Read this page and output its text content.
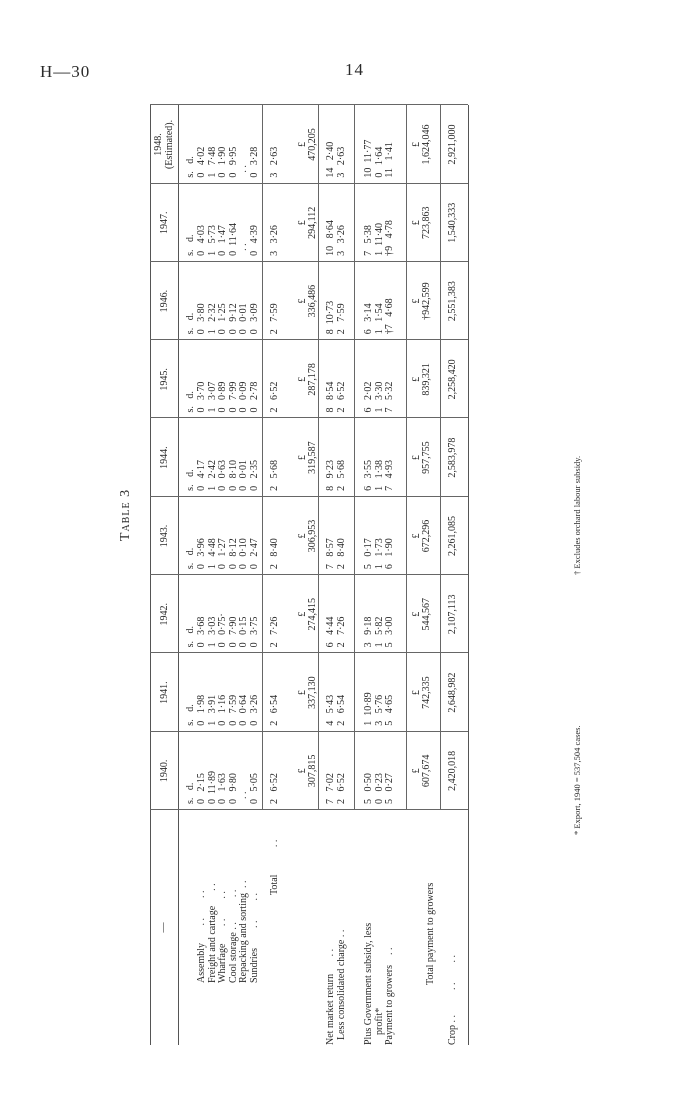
H—30	14
—
1940.
1941.
1942.
1943.
1944.
1945.
1946.
1947.
1948.
(Estimated).
Assembly       . .        . .
Freight and cartage      . .
Wharfage       . .        . .
Cool storage . .          . .
Repacking and sorting  . .
Sundries        . .        . . Total           . .
Net market return       . .
Less consolidated charge . .
Plus Government subsidy, less
profit*
Payment to growers    . .	Total payment to growers
Crop . .          . .        . .
s.   d. 0   2·15
0  11·89
0   1·63
0   9·80
. .
0   5·05 2   6·52
£ 307,815
7   7·02
2   6·52
5   0·50
0   0·23
5   0·27
£ 607,674 2,420,018
s.   d. 0   1·98
1   3·91
0   1·16
0   7·59
0   0·64
0   3·26 2   6·54
£ 337,130
4   5·43
2   6·54
1  10·89
3   5·76
5   4·65
£ 742,335 2,648,982
s.   d. 0   3·68
1   3·03
0   0·75·
0   7·90
0   0·15
0   3·75 2   7·26
£ 274,415
6   4·44
2   7·26
3   9·18
1   5·82
5   3·00
£ 544,567 2,107,113
s.   d. 0   3·96
1   4·48
0   1·27
0   8·12
0   0·10
0   2·47 2   8·40
£ 306,953
7   8·57
2   8·40
5   0·17
1   1·73
6   1·90
£ 672,296 2,261,085
s.   d. 0   4·17
1   2·42
0   0·63
0   8·10
0   0·01
0   2·35 2   5·68
£ 319,587
8   9·23
2   5·68
6   3·55
1   1·38
7   4·93
£ 957,755 2,583,978
s.   d. 0   3·70
1   3·07
0   0·89
0   7·99
0   0·09
0   2·78 2   6·52
£ 287,178
8   8·54
2   6·52
6   2·02
1   3·30
7   5·32
£ 839,321 2,258,420
s.   d. 0   3·80
1   2·32
0   1·25
0   9·12
0   0·01
0   3·09 2   7·59
£ 336,486
8  10·73
2   7·59
6   3·14
1   1·54
†7   4·68 £ †942,599 2,551,383
s.   d. 0   4·03
1   5·73
0   1·47
0  11·64
. .
0   4·39 3   3·26
£ 294,112
10   8·64
3   3·26
7   5·38
1  11·40
†9   4·78 £ 723,863 1,540,333
s.   d. 0   4·02
1   7·48
0   1·90
0   9·95
. .
0   3·28 3   2·63
£ 470,205
14   2·40
3   2·63
10  11·77
0   1·64
11   1·41 £ 1,624,046 2,921,000
* Export, 1940 = 537,504 cases.
† Excludes orchard labour subsidy.
Table 3
